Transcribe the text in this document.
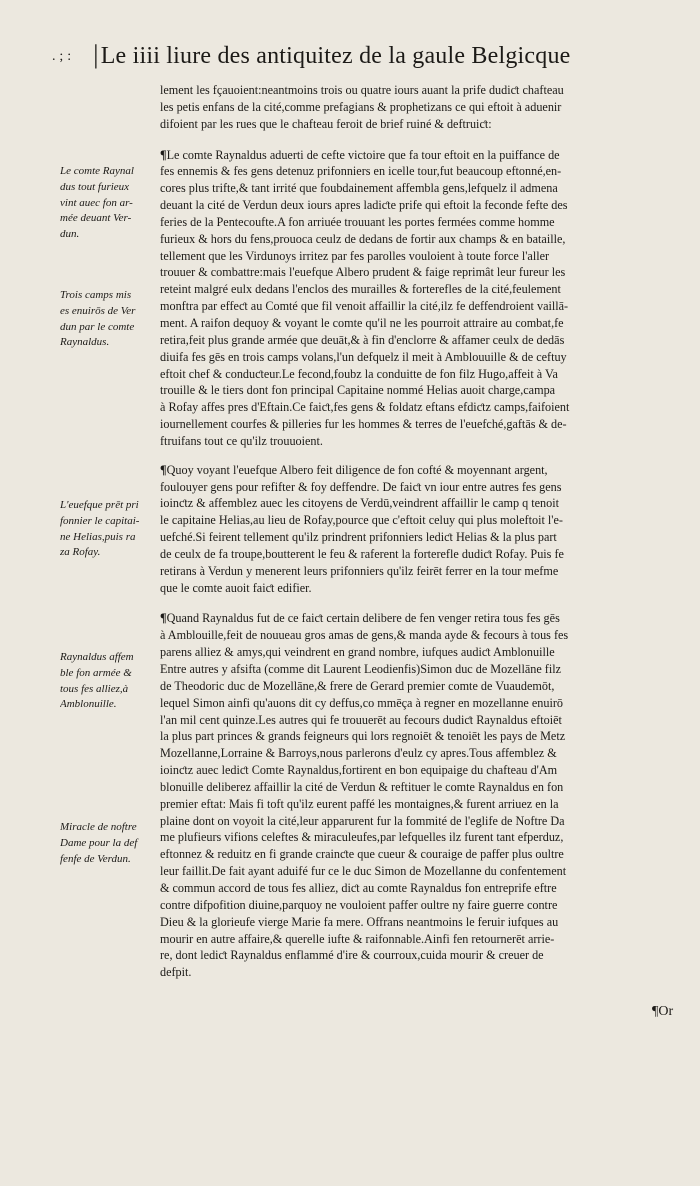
. ; : |Le iiii liure des antiquitez de la gaule Belgicque

lement les fçauoient:neantmoins trois ou quatre iours auant la prife dudiƈt chafteau
les petis enfans de la cité,comme prefagians & prophetizans ce qui eftoit à aduenir
difoient par les rues que le chafteau feroit de brief ruiné & deftruiƈt:

¶Le comte Raynaldus aduerti de cefte victoire que fa tour eftoit en la puiffance de
fes ennemis & fes gens detenuz prifonniers en icelle tour,fut beaucoup eftonné,en-
cores plus trifte,& tant irrité que foubdainement affembla gens,lefquelz il admena
deuant la cité de Verdun deux iours apres ladiƈte prife qui eftoit la feconde fefte des
feries de la Pentecoufte.A fon arriuée trouuant les portes fermées comme homme
furieux & hors du fens,prouoca ceulz de dedans de fortir aux champs & en bataille,
tellement que les Virdunoys irritez par fes parolles vouloient à toute force l'aller
trouuer & combattre:mais l'euefque Albero prudent & faige reprimât leur fureur les
reteint malgré eulx dedans l'enclos des murailles & forterefles de la cité,feulement
monftra par effeƈt au Comté que fil venoit affaillir la cité,ilz fe deffendroient vaillā-
ment. A raifon dequoy & voyant le comte qu'il ne les pourroit attraire au combat,fe
retira,feit plus grande armée que deuāt,& à fin d'enclorre & affamer ceulx de dedās
diuifa fes gēs en trois camps volans,l'un defquelz il meit à Amblouuille & de ceftuy
eftoit chef & conduƈteur.Le fecond,foubz la conduitte de fon filz Hugo,affeit à Va
trouille & le tiers dont fon principal Capitaine nommé Helias auoit charge,campa
à Rofay affes pres d'Eftain.Ce faiƈt,fes gens & foldatz eftans efdiƈtz camps,faifoient
iournellement courfes & pilleries fur les hommes & terres de l'euefché,gaftās & de-
ftruifans tout ce qu'ilz trouuoient.

¶Quoy voyant l'euefque Albero feit diligence de fon cofté & moyennant argent,
foulouyer gens pour refifter & foy deffendre. De faiƈt vn iour entre autres fes gens
ioinƈtz & affemblez auec les citoyens de Verdū,veindrent affaillir le camp q tenoit
le capitaine Helias,au lieu de Rofay,pource que c'eftoit celuy qui plus moleftoit l'e-
uefché.Si feirent tellement qu'ilz prindrent prifonniers lediƈt Helias & la plus part
de ceulx de fa troupe,boutterent le feu & raferent la forterefle dudiƈt Rofay. Puis fe
retirans à Verdun y menerent leurs prifonniers qu'ilz feirēt ferrer en la tour mefme
que le comte auoit faiƈt edifier.

¶Quand Raynaldus fut de ce faiƈt certain delibere de fen venger retira tous fes gēs
à Amblouille,feit de nouueau gros amas de gens,& manda ayde & fecours à tous fes
parens alliez & amys,qui veindrent en grand nombre, iufques audiƈt Amblonuille
Entre autres y afsifta (comme dit Laurent Leodienfis)Simon duc de Mozellāne filz
de Theodoric duc de Mozellāne,& frere de Gerard premier comte de Vuaudemōt,
lequel Simon ainfi qu'auons dit cy deffus,co mmēça à regner en mozellanne enuirō
l'an mil cent quinze.Les autres qui fe trouuerēt au fecours dudiƈt Raynaldus eftoiēt
la plus part princes & grands feigneurs qui lors regnoiēt & tenoiēt les pays de Metz
Mozellanne,Lorraine & Barroys,nous parlerons d'eulz cy apres.Tous affemblez &
ioinƈtz auec lediƈt Comte Raynaldus,fortirent en bon equipaige du chafteau d'Am
blonuille deliberez affaillir la cité de Verdun & reftituer le comte Raynaldus en fon
premier eftat: Mais fi toft qu'ilz eurent paffé les montaignes,& furent arriuez en la
plaine dont on voyoit la cité,leur apparurent fur la fommité de l'eglife de Noftre Da
me plufieurs vifions celeftes & miraculeufes,par lefquelles ilz furent tant efperduz,
eftonnez & reduitz en fi grande crainƈte que cueur & couraige de paffer plus oultre
leur faillit.De fait ayant aduifé fur ce le duc Simon de Mozellanne du confentement
& commun accord de tous fes alliez, diƈt au comte Raynaldus fon entreprife eftre
contre difpofition diuine,parquoy ne vouloient paffer oultre ny faire guerre contre
Dieu & la glorieufe vierge Marie fa mere. Offrans neantmoins le feruir iufques au
mourir en autre affaire,& querelle iufte & raifonnable.Ainfi fen retournerēt arrie-
re, dont lediƈt Raynaldus enflammé d'ire & courroux,cuida mourir & creuer de
defpit.

Le comte Raynal
dus tout furieux
vint auec fon ar-
mée deuant Ver-
dun.
Trois camps mis
es enuirōs de Ver
dun par le comte
Raynaldus.
L'euefque prēt pri
fonnier le capitai-
ne Helias,puis ra
za Rofay.
Raynaldus affem
ble fon armée &
tous fes alliez,à
Amblonuille.
Miracle de noftre
Dame pour la def
fenfe de Verdun.
¶Or
